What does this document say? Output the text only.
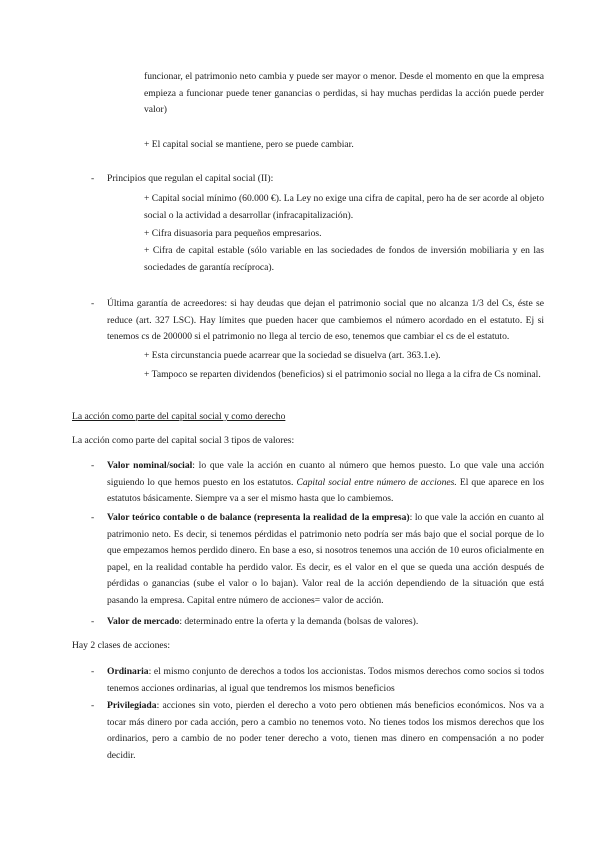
funcionar, el patrimonio neto cambia y puede ser mayor o menor. Desde el momento en que la empresa empieza a funcionar puede tener ganancias o perdidas, si hay muchas perdidas la acción puede perder valor)

+ El capital social se mantiene, pero se puede cambiar.

- Principios que regulan el capital social (II):

+ Capital social mínimo (60.000 €). La Ley no exige una cifra de capital, pero ha de ser acorde al objeto social o la actividad a desarrollar (infracapitalización).

+ Cifra disuasoria para pequeños empresarios.

+ Cifra de capital estable (sólo variable en las sociedades de fondos de inversión mobiliaria y en las sociedades de garantía recíproca).

- Última garantía de acreedores: si hay deudas que dejan el patrimonio social que no alcanza 1/3 del Cs, éste se reduce (art. 327 LSC). Hay límites que pueden hacer que cambiemos el número acordado en el estatuto. Ej si tenemos cs de 200000 si el patrimonio no llega al tercio de eso, tenemos que cambiar el cs de el estatuto.

+ Esta circunstancia puede acarrear que la sociedad se disuelva (art. 363.1.e).

+ Tampoco se reparten dividendos (beneficios) si el patrimonio social no llega a la cifra de Cs nominal.

La acción como parte del capital social y como derecho

La acción como parte del capital social 3 tipos de valores:

- Valor nominal/social: lo que vale la acción en cuanto al número que hemos puesto. Lo que vale una acción siguiendo lo que hemos puesto en los estatutos. Capital social entre número de acciones. El que aparece en los estatutos básicamente. Siempre va a ser el mismo hasta que lo cambiemos.

- Valor teórico contable o de balance (representa la realidad de la empresa): lo que vale la acción en cuanto al patrimonio neto. Es decir, si tenemos pérdidas el patrimonio neto podría ser más bajo que el social porque de lo que empezamos hemos perdido dinero. En base a eso, si nosotros tenemos una acción de 10 euros oficialmente en papel, en la realidad contable ha perdido valor. Es decir, es el valor en el que se queda una acción después de pérdidas o ganancias (sube el valor o lo bajan). Valor real de la acción dependiendo de la situación que está pasando la empresa. Capital entre número de acciones= valor de acción.

- Valor de mercado: determinado entre la oferta y la demanda (bolsas de valores).

Hay 2 clases de acciones:

- Ordinaria: el mismo conjunto de derechos a todos los accionistas. Todos mismos derechos como socios si todos tenemos acciones ordinarias, al igual que tendremos los mismos beneficios

- Privilegiada: acciones sin voto, pierden el derecho a voto pero obtienen más beneficios económicos. Nos va a tocar más dinero por cada acción, pero a cambio no tenemos voto. No tienes todos los mismos derechos que los ordinarios, pero a cambio de no poder tener derecho a voto, tienen mas dinero en compensación a no poder decidir.
